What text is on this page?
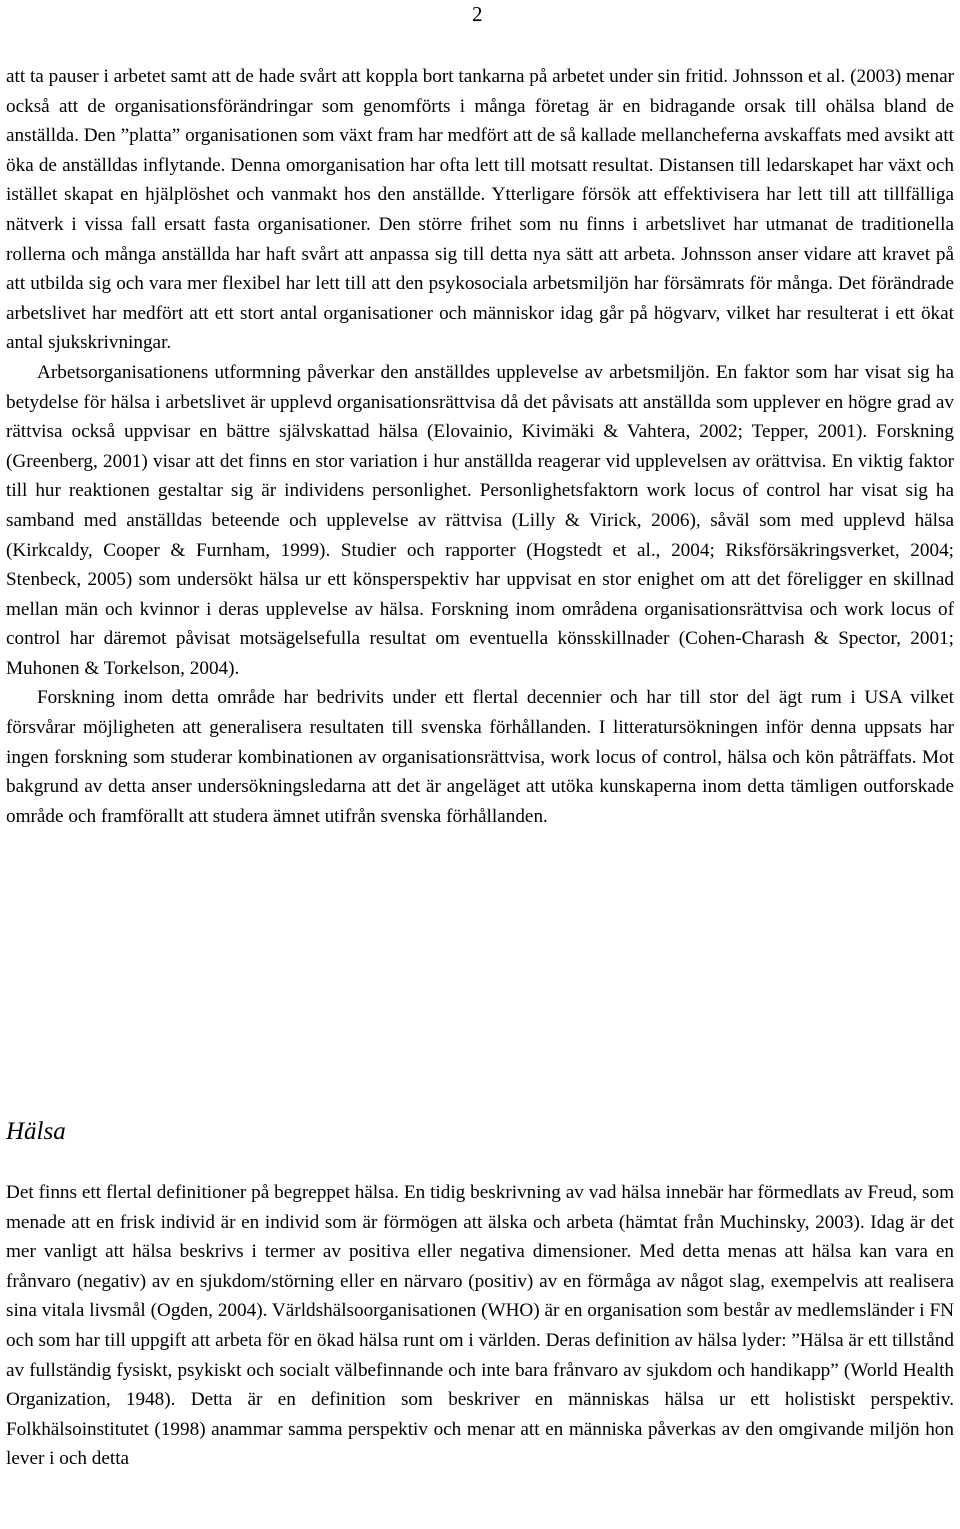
2

att ta pauser i arbetet samt att de hade svårt att koppla bort tankarna på arbetet under sin fritid. Johnsson et al. (2003) menar också att de organisationsförändringar som genomförts i många företag är en bidragande orsak till ohälsa bland de anställda. Den ”platta” organisationen som växt fram har medfört att de så kallade mellancheferna avskaffats med avsikt att öka de anställdas inflytande. Denna omorganisation har ofta lett till motsatt resultat. Distansen till ledarskapet har växt och istället skapat en hjälplöshet och vanmakt hos den anställde. Ytterligare försök att effektivisera har lett till att tillfälliga nätverk i vissa fall ersatt fasta organisationer. Den större frihet som nu finns i arbetslivet har utmanat de traditionella rollerna och många anställda har haft svårt att anpassa sig till detta nya sätt att arbeta. Johnsson anser vidare att kravet på att utbilda sig och vara mer flexibel har lett till att den psykosociala arbetsmiljön har försämrats för många. Det förändrade arbetslivet har medfört att ett stort antal organisationer och människor idag går på högvarv, vilket har resulterat i ett ökat antal sjukskrivningar.

Arbetsorganisationens utformning påverkar den anställdes upplevelse av arbetsmiljön. En faktor som har visat sig ha betydelse för hälsa i arbetslivet är upplevd organisationsrättvisa då det påvisats att anställda som upplever en högre grad av rättvisa också uppvisar en bättre självskattad hälsa (Elovainio, Kivimäki & Vahtera, 2002; Tepper, 2001). Forskning (Greenberg, 2001) visar att det finns en stor variation i hur anställda reagerar vid upplevelsen av orättvisa. En viktig faktor till hur reaktionen gestaltar sig är individens personlighet. Personlighetsfaktorn work locus of control har visat sig ha samband med anställdas beteende och upplevelse av rättvisa (Lilly & Virick, 2006), såväl som med upplevd hälsa (Kirkcaldy, Cooper & Furnham, 1999). Studier och rapporter (Hogstedt et al., 2004; Riksförsäkringsverket, 2004; Stenbeck, 2005) som undersökt hälsa ur ett könsperspektiv har uppvisat en stor enighet om att det föreligger en skillnad mellan män och kvinnor i deras upplevelse av hälsa. Forskning inom områdena organisationsrättvisa och work locus of control har däremot påvisat motsägelsefulla resultat om eventuella könsskillnader (Cohen-Charash & Spector, 2001; Muhonen & Torkelson, 2004).

Forskning inom detta område har bedrivits under ett flertal decennier och har till stor del ägt rum i USA vilket försvårar möjligheten att generalisera resultaten till svenska förhållanden. I litteratursökningen inför denna uppsats har ingen forskning som studerar kombinationen av organisationsrättvisa, work locus of control, hälsa och kön påträffats. Mot bakgrund av detta anser undersökningsledarna att det är angeläget att utöka kunskaperna inom detta tämligen outforskade område och framförallt att studera ämnet utifrån svenska förhållanden.

Hälsa

Det finns ett flertal definitioner på begreppet hälsa. En tidig beskrivning av vad hälsa innebär har förmedlats av Freud, som menade att en frisk individ är en individ som är förmögen att älska och arbeta (hämtat från Muchinsky, 2003). Idag är det mer vanligt att hälsa beskrivs i termer av positiva eller negativa dimensioner. Med detta menas att hälsa kan vara en frånvaro (negativ) av en sjukdom/störning eller en närvaro (positiv) av en förmåga av något slag, exempelvis att realisera sina vitala livsmål (Ogden, 2004). Världshälsoorganisationen (WHO) är en organisation som består av medlemsländer i FN och som har till uppgift att arbeta för en ökad hälsa runt om i världen. Deras definition av hälsa lyder: ”Hälsa är ett tillstånd av fullständig fysiskt, psykiskt och socialt välbefinnande och inte bara frånvaro av sjukdom och handikapp” (World Health Organization, 1948). Detta är en definition som beskriver en människas hälsa ur ett holistiskt perspektiv. Folkhälsoinstitutet (1998) anammar samma perspektiv och menar att en människa påverkas av den omgivande miljön hon lever i och detta
